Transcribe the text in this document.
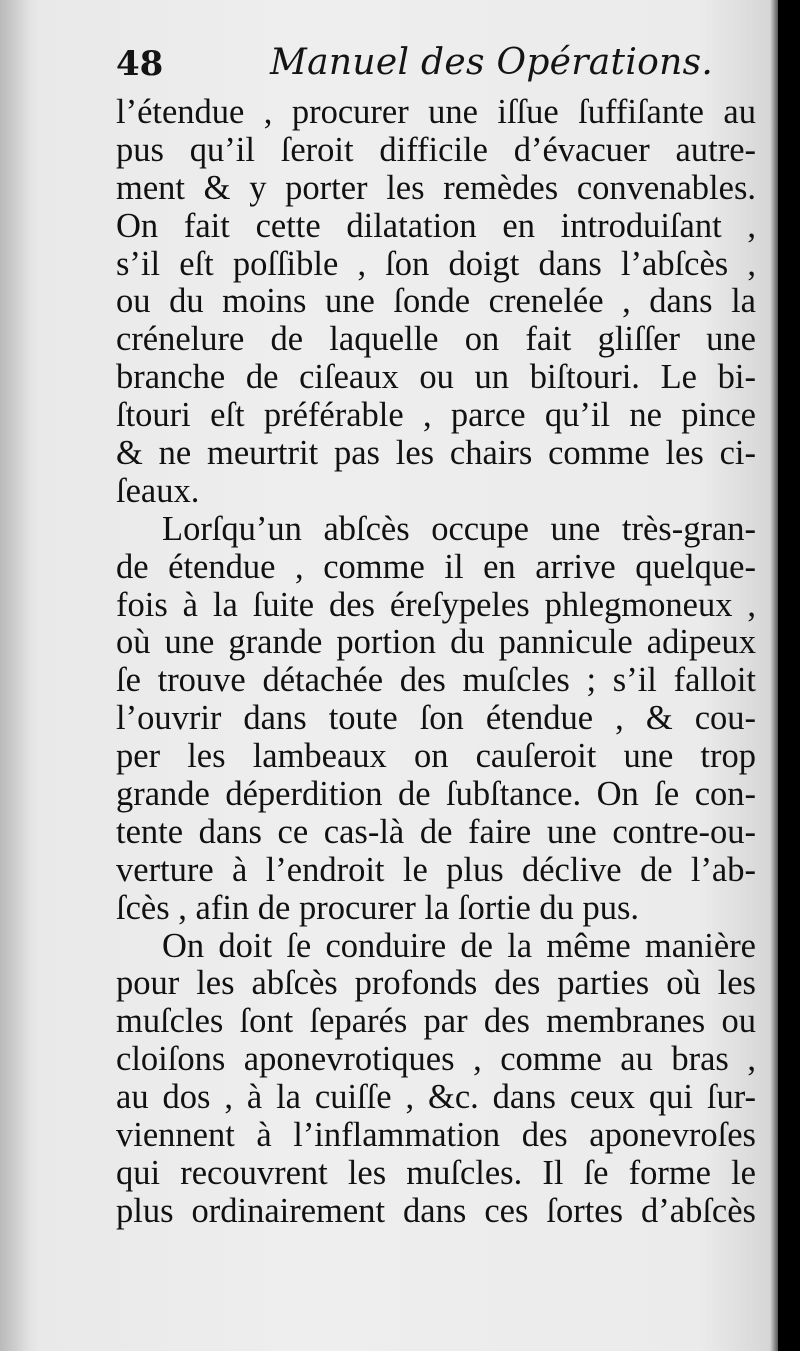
48	Manuel des Opérations.
l’étendue , procurer une iſſue ſuffiſante au
pus qu’il ſeroit difficile d’évacuer autre-
ment & y porter les remèdes convenables.
On fait cette dilatation en introduiſant ,
s’il eſt poſſible , ſon doigt dans l’abſcès ,
ou du moins une ſonde crenelée , dans la
crénelure de laquelle on fait gliſſer une
branche de ciſeaux ou un biſtouri. Le bi-
ſtouri eſt préférable , parce qu’il ne pince
& ne meurtrit pas les chairs comme les ci-
ſeaux.
Lorſqu’un abſcès occupe une très-gran-
de étendue , comme il en arrive quelque-
fois à la ſuite des éreſypeles phlegmoneux ,
où une grande portion du pannicule adipeux
ſe trouve détachée des muſcles ; s’il falloit
l’ouvrir dans toute ſon étendue , & cou-
per les lambeaux on cauſeroit une trop
grande déperdition de ſubſtance. On ſe con-
tente dans ce cas-là de faire une contre-ou-
verture à l’endroit le plus déclive de l’ab-
ſcès , afin de procurer la ſortie du pus.
On doit ſe conduire de la même manière
pour les abſcès profonds des parties où les
muſcles ſont ſeparés par des membranes ou
cloiſons aponevrotiques , comme au bras ,
au dos , à la cuiſſe , &c. dans ceux qui ſur-
viennent à l’inflammation des aponevroſes
qui recouvrent les muſcles. Il ſe forme le
plus ordinairement dans ces ſortes d’abſcès
